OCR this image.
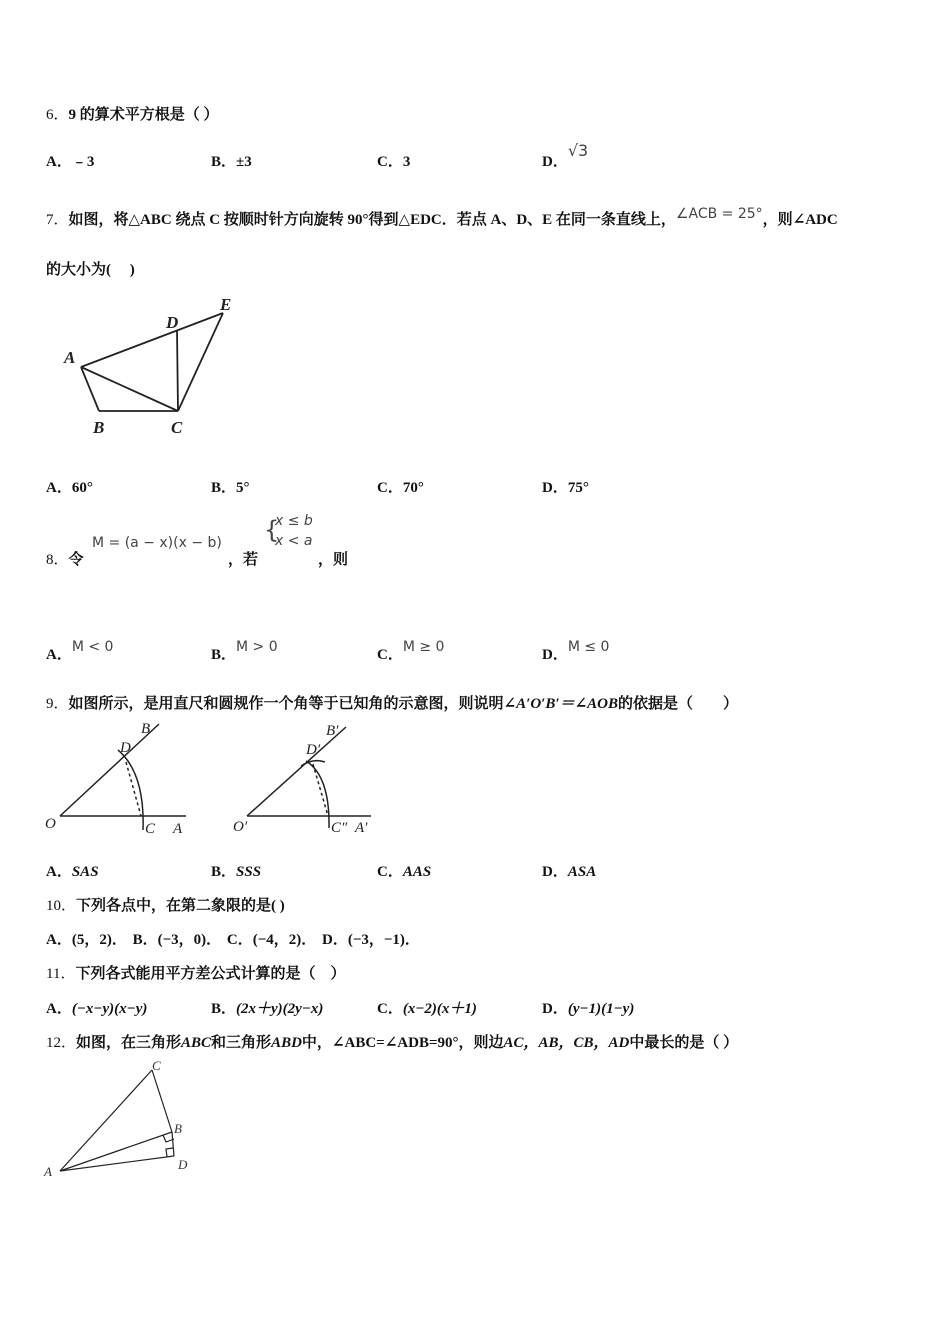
6．9 的算术平方根是（ ）
A．﹣3	B．±3	C．3	D．√3
7．如图，将△ABC 绕点 C 按顺时针方向旋转 90°得到△EDC．若点 A、D、E 在同一条直线上，∠ACB = 25°，则∠ADC
的大小为(　 )
A
B	C
D
E
A．60°	B．5°	C．70°	D．75°
8．令
M = (a − x)(x − b)
，若
{
x ≤ b
x < a
，则
A．M < 0	B．M > 0	C．M ≥ 0	D．M ≤ 0
9．如图所示，是用直尺和圆规作一个角等于已知角的示意图，则说明∠A′O′B′＝∠AOB的依据是（　　）
O	C A
D
B
O′	C″ A′
D′
B′
A．SAS	B．SSS	C．AAS	D．ASA
10．下列各点中，在第二象限的是( )
A．(5，2)． B．(−3，0)． C．(−4，2)． D．(−3，−1)．
11．下列各式能用平方差公式计算的是（　）
A．(−x−y)(x−y)	B．(2x＋y)(2y−x)	C．(x−2)(x＋1)	D．(y−1)(1−y)
12．如图，在三角形ABC和三角形ABD中，∠ABC=∠ADB=90°，则边AC，AB，CB，AD中最长的是（ ）
A
B
C
D
